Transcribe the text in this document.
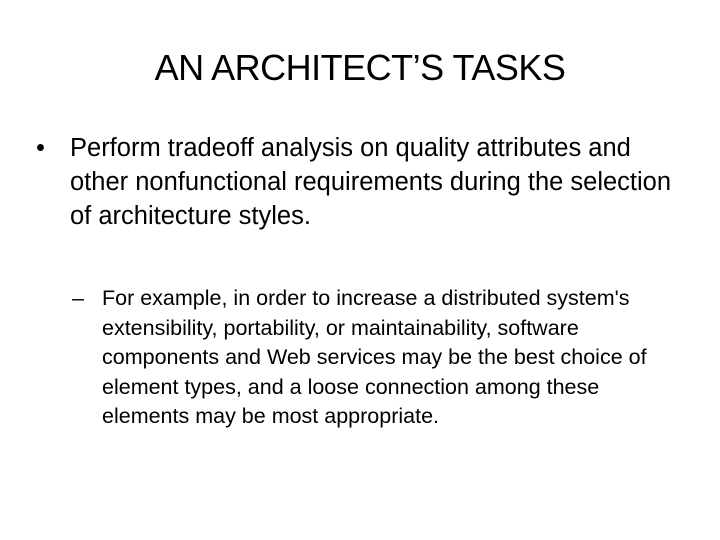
AN ARCHITECT’S TASKS
• Perform tradeoff analysis on quality attributes and other nonfunctional requirements during the selection of architecture styles.
– For example, in order to increase a distributed system's extensibility, portability, or maintainability, software components and Web services may be the best choice of element types, and a loose connection among these elements may be most appropriate.
